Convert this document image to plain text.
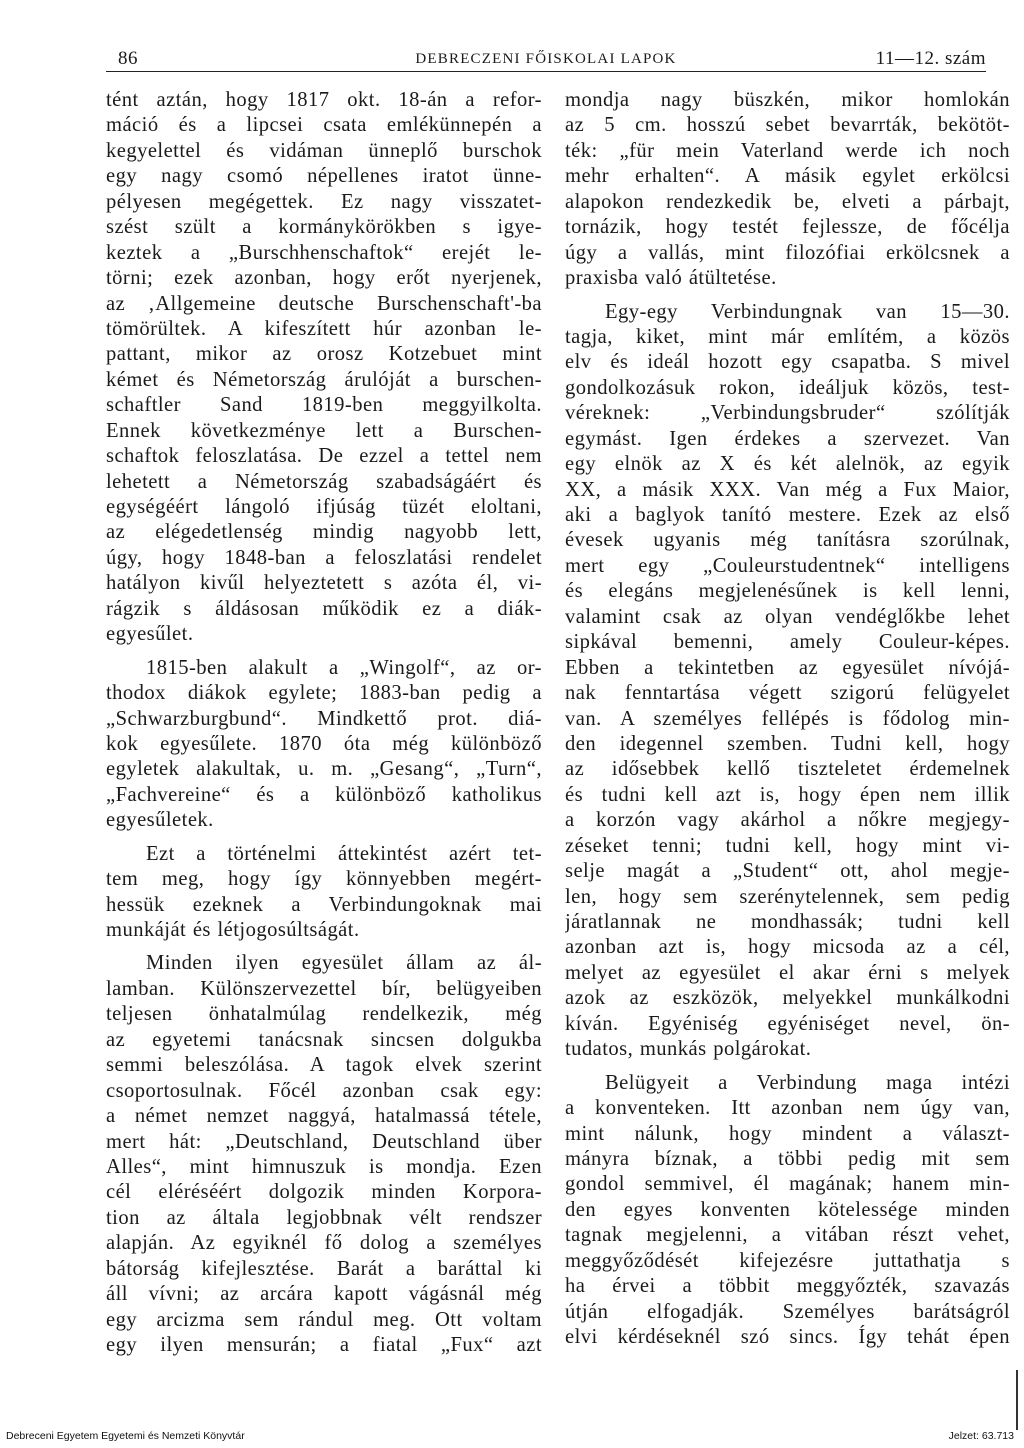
86	DEBRECZENI FŐISKOLAI LAPOK	11—12. szám
tént aztán, hogy 1817 okt. 18-án a refor-
máció és a lipcsei csata emlékünnepén a
kegyelettel és vidáman ünneplő burschok
egy nagy csomó népellenes iratot ünne-
pélyesen megégettek. Ez nagy visszatet-
szést szült a kormánykörökben s igye-
keztek a „Burschhenschaftok“ erejét le-
törni; ezek azonban, hogy erőt nyerjenek,
az ‚Allgemeine deutsche Burschenschaft'-ba
tömörültek. A kifeszített húr azonban le-
pattant, mikor az orosz Kotzebuet mint
kémet és Németország árulóját a burschen-
schaftler Sand 1819-ben meggyilkolta.
Ennek következménye lett a Burschen-
schaftok feloszlatása. De ezzel a tettel nem
lehetett a Németország szabadságáért és
egységéért lángoló ifjúság tüzét eloltani,
az elégedetlenség mindig nagyobb lett,
úgy, hogy 1848-ban a feloszlatási rendelet
hatályon kivűl helyeztetett s azóta él, vi-
rágzik s áldásosan működik ez a diák-
egyesűlet.
1815-ben alakult a „Wingolf“, az or-
thodox diákok egylete; 1883-ban pedig a
„Schwarzburgbund“. Mindkettő prot. diá-
kok egyesűlete. 1870 óta még különböző
egyletek alakultak, u. m. „Gesang“, „Turn“,
„Fachvereine“ és a különböző katholikus
egyesűletek.
Ezt a történelmi áttekintést azért tet-
tem meg, hogy így könnyebben megért-
hessük ezeknek a Verbindungoknak mai
munkáját és létjogosúltságát.
Minden ilyen egyesület állam az ál-
lamban. Különszervezettel bír, belügyeiben
teljesen önhatalmúlag rendelkezik, még
az egyetemi tanácsnak sincsen dolgukba
semmi beleszólása. A tagok elvek szerint
csoportosulnak. Főcél azonban csak egy:
a német nemzet naggyá, hatalmassá tétele,
mert hát: „Deutschland, Deutschland über
Alles“, mint himnuszuk is mondja. Ezen
cél eléréséért dolgozik minden Korpora-
tion az általa legjobbnak vélt rendszer
alapján. Az egyiknél fő dolog a személyes
bátorság kifejlesztése. Barát a baráttal ki
áll vívni; az arcára kapott vágásnál még
egy arcizma sem rándul meg. Ott voltam
egy ilyen mensurán; a fiatal „Fux“ azt
mondja nagy büszkén, mikor homlokán
az 5 cm. hosszú sebet bevarrták, bekötöt-
ték: „für mein Vaterland werde ich noch
mehr erhalten“. A másik egylet erkölcsi
alapokon rendezkedik be, elveti a párbajt,
tornázik, hogy testét fejlessze, de főcélja
úgy a vallás, mint filozófiai erkölcsnek a
praxisba való átültetése.
Egy-egy Verbindungnak van 15—30.
tagja, kiket, mint már említém, a közös
elv és ideál hozott egy csapatba. S mivel
gondolkozásuk rokon, ideáljuk közös, test-
véreknek: „Verbindungsbruder“ szólítják
egymást. Igen érdekes a szervezet. Van
egy elnök az X és két alelnök, az egyik
XX, a másik XXX. Van még a Fux Maior,
aki a baglyok tanító mestere. Ezek az első
évesek ugyanis még tanításra szorúlnak,
mert egy „Couleurstudentnek“ intelligens
és elegáns megjelenésűnek is kell lenni,
valamint csak az olyan vendéglőkbe lehet
sipkával bemenni, amely Couleur-képes.
Ebben a tekintetben az egyesület nívójá-
nak fenntartása végett szigorú felügyelet
van. A személyes fellépés is fődolog min-
den idegennel szemben. Tudni kell, hogy
az idősebbek kellő tiszteletet érdemelnek
és tudni kell azt is, hogy épen nem illik
a korzón vagy akárhol a nőkre megjegy-
zéseket tenni; tudni kell, hogy mint vi-
selje magát a „Student“ ott, ahol megje-
len, hogy sem szerénytelennek, sem pedig
járatlannak ne mondhassák; tudni kell
azonban azt is, hogy micsoda az a cél,
melyet az egyesület el akar érni s melyek
azok az eszközök, melyekkel munkálkodni
kíván. Egyéniség egyéniséget nevel, ön-
tudatos, munkás polgárokat.
Belügyeit a Verbindung maga intézi
a konventeken. Itt azonban nem úgy van,
mint nálunk, hogy mindent a választ-
mányra bíznak, a többi pedig mit sem
gondol semmivel, él magának; hanem min-
den egyes konventen kötelessége minden
tagnak megjelenni, a vitában részt vehet,
meggyőződését kifejezésre juttathatja s
ha érvei a többit meggyőzték, szavazás
útján elfogadják. Személyes barátságról
elvi kérdéseknél szó sincs. Így tehát épen
Debreceni Egyetem Egyetemi és Nemzeti Könyvtár	Jelzet: 63.713
